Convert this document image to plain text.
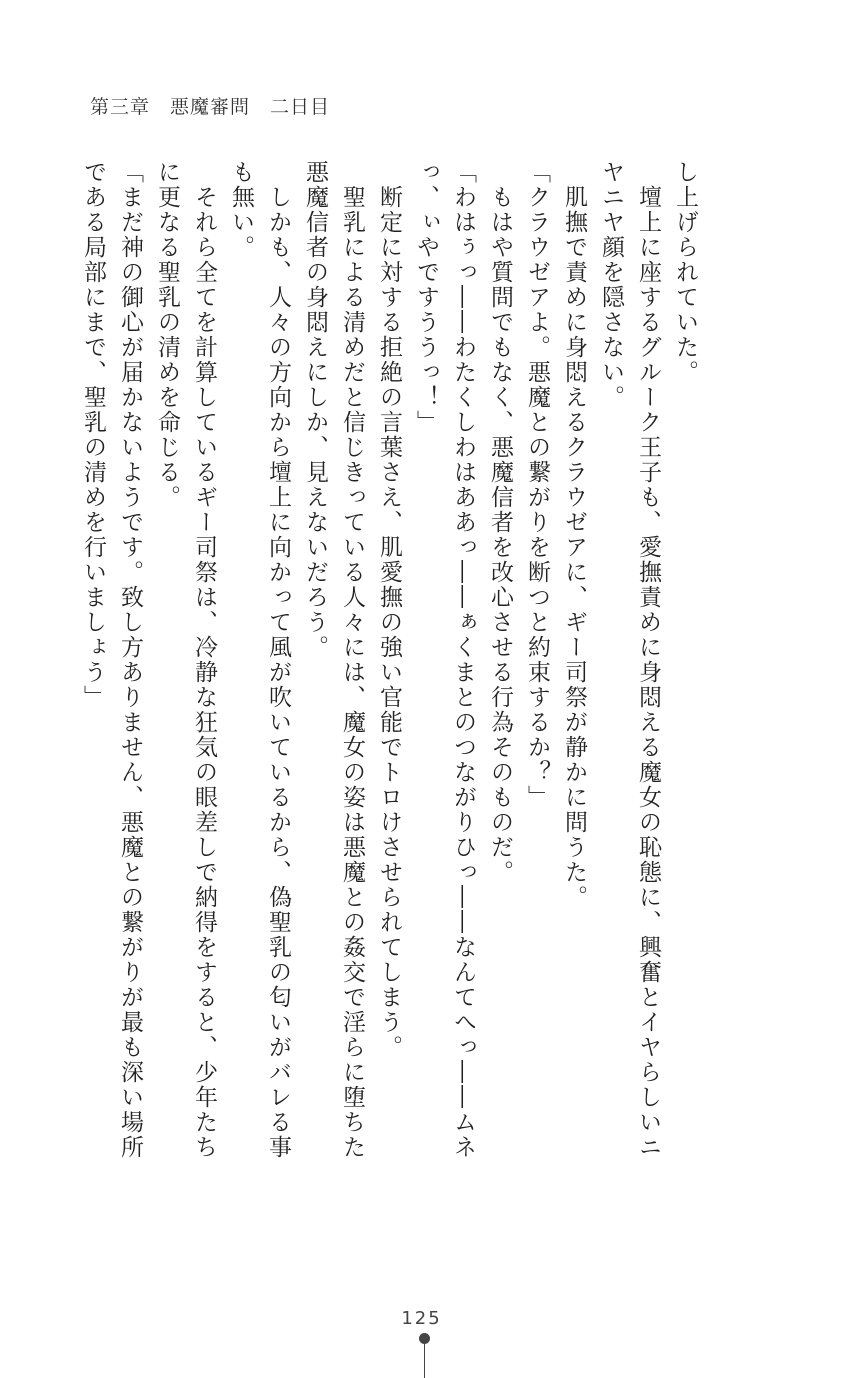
第三章　悪魔審問　二日目
し上げられていた。
　壇上に座するグルーク王子も、愛撫責めに身悶える魔女の恥態に、興奮とイヤらしいニ
ヤニヤ顔を隠さない。
　肌撫で責めに身悶えるクラウゼアに、ギー司祭が静かに問うた。
「クラウゼアよ。悪魔との繋がりを断つと約束するか？」
　もはや質問でもなく、悪魔信者を改心させる行為そのものだ。
「わはぅっ――わたくしわはああっ――ぁくまとのつながりひっ――なんてへっ――ムネ
っ、ぃやですううっ！」
　断定に対する拒絶の言葉さえ、肌愛撫の強い官能でトロけさせられてしまう。
　聖乳による清めだと信じきっている人々には、魔女の姿は悪魔との姦交で淫らに堕ちた
悪魔信者の身悶えにしか、見えないだろう。
　しかも、人々の方向から壇上に向かって風が吹いているから、偽聖乳の匂いがバレる事
も無い。
　それら全てを計算しているギー司祭は、冷静な狂気の眼差しで納得をすると、少年たち
に更なる聖乳の清めを命じる。
「まだ神の御心が届かないようです。致し方ありません、悪魔との繋がりが最も深い場所
である局部にまで、聖乳の清めを行いましょう」
125
